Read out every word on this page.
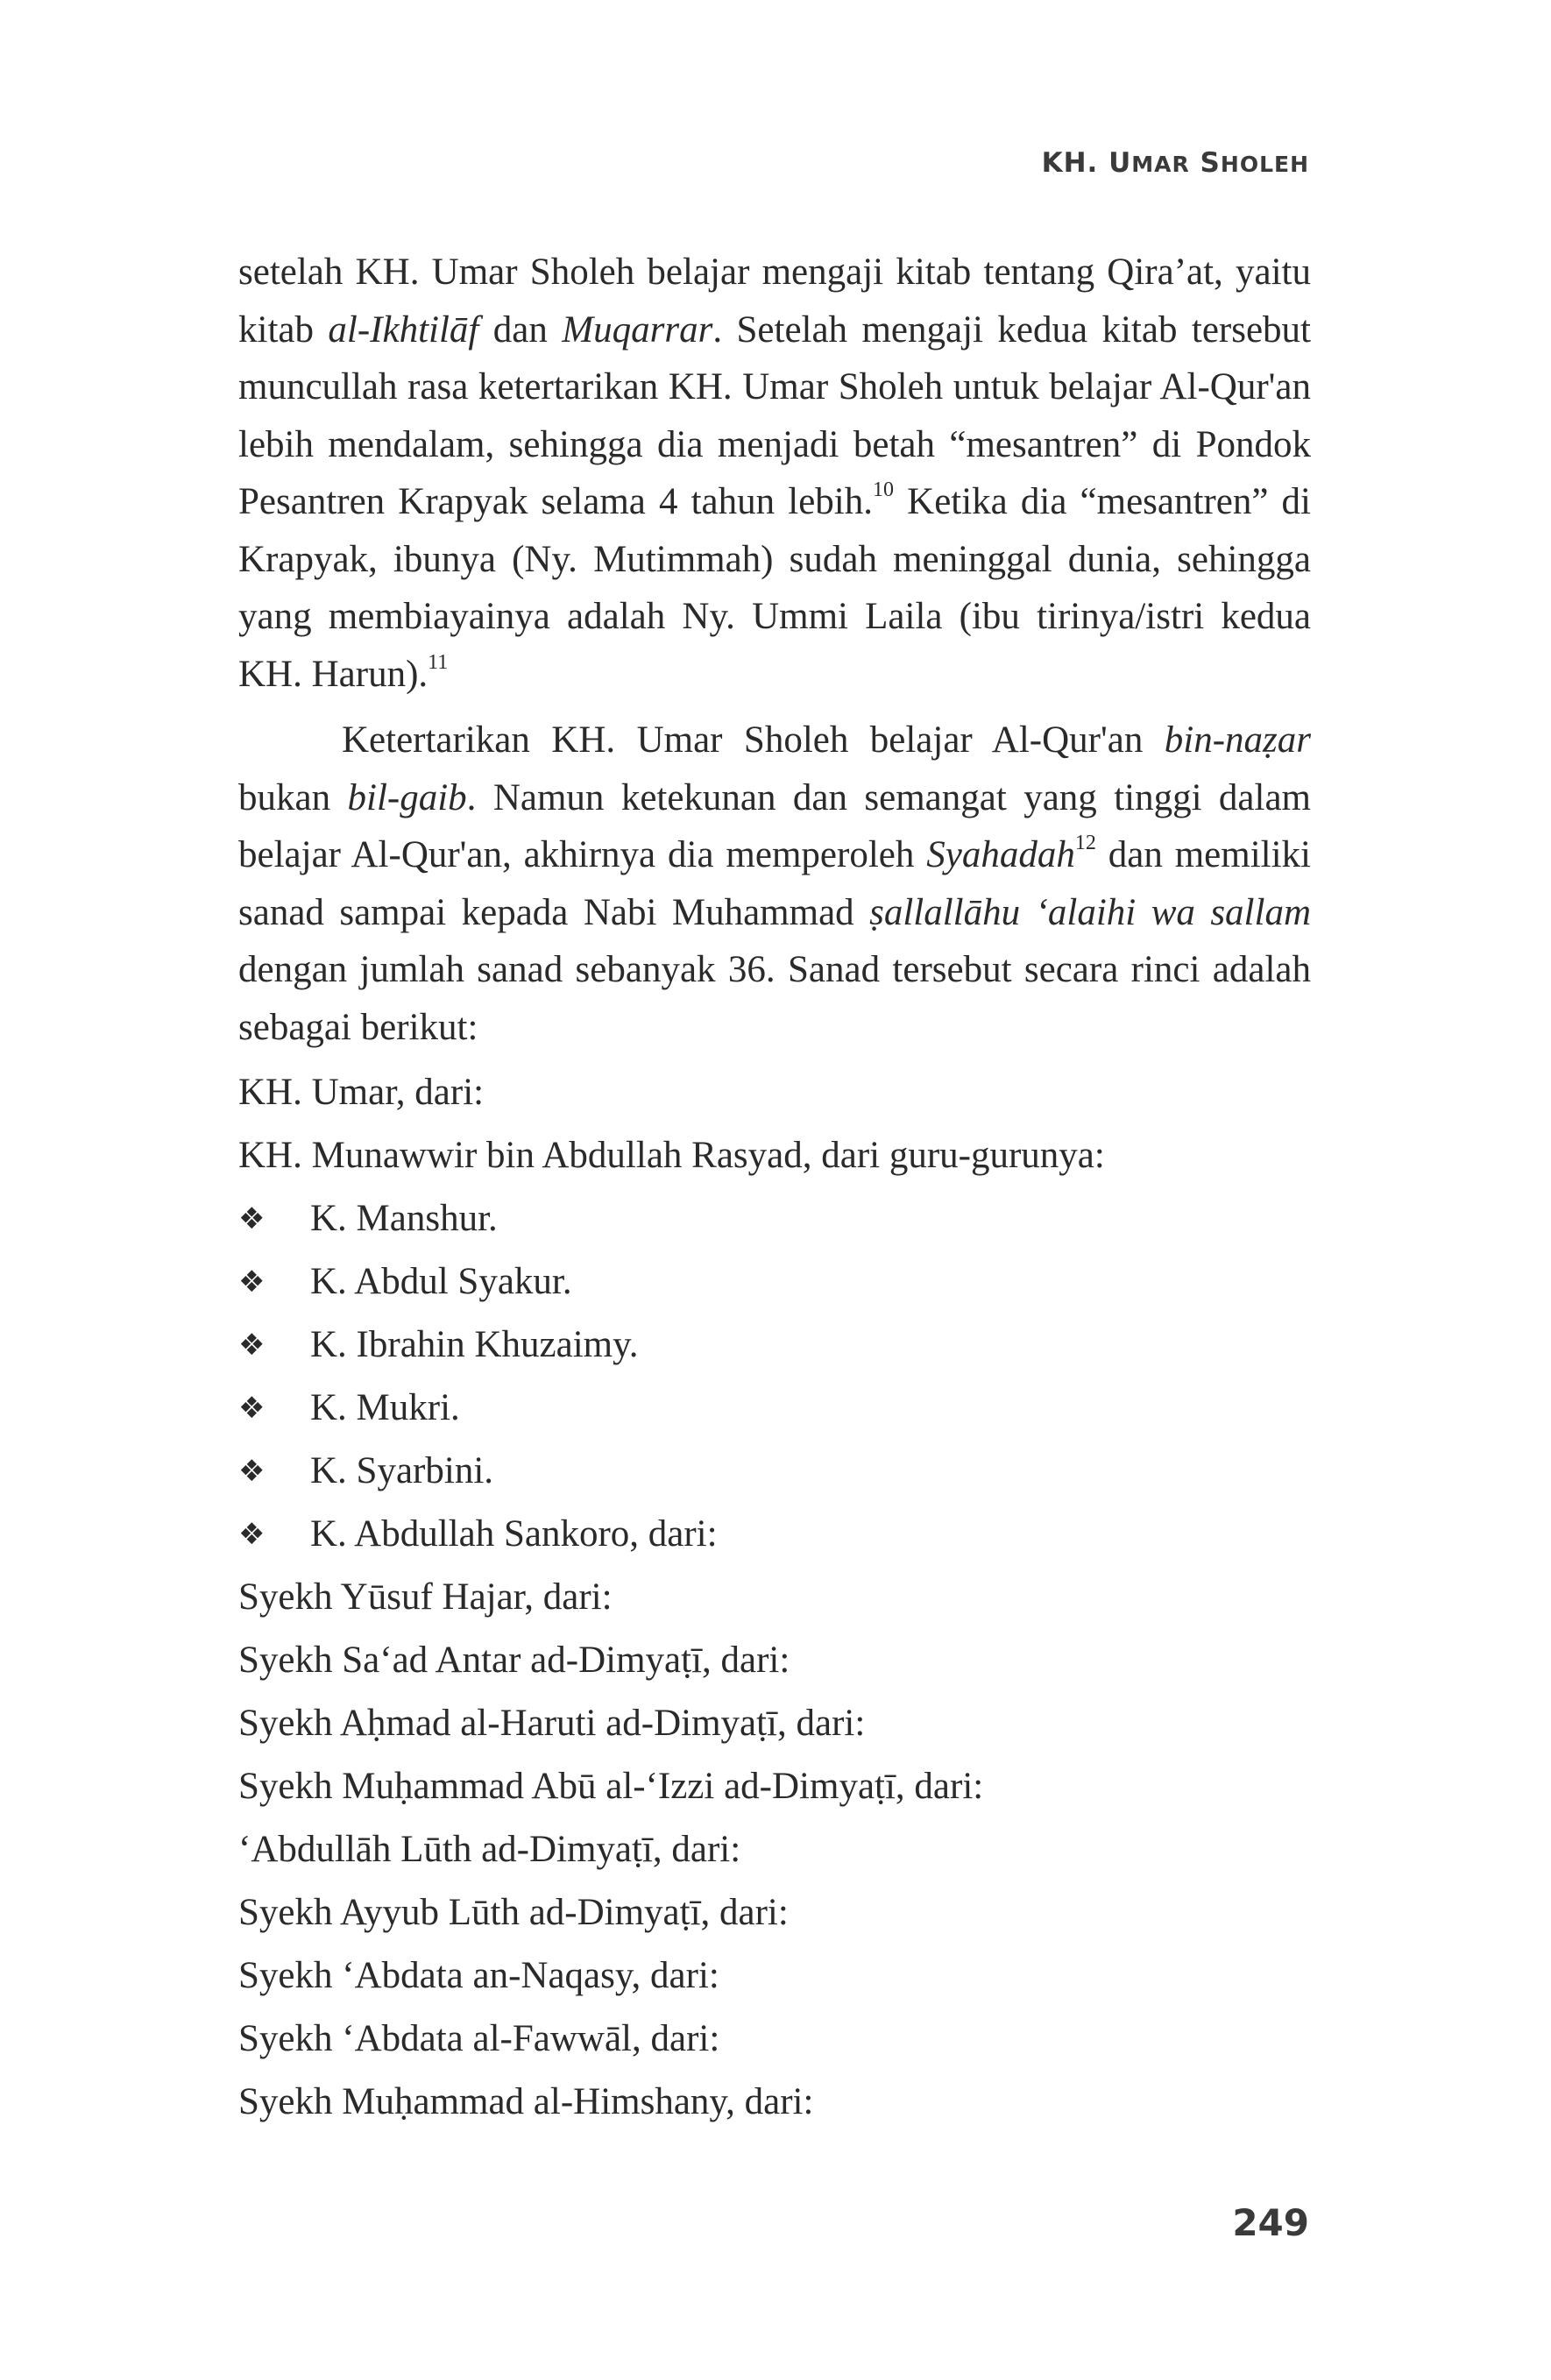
KH. UMAR SHOLEH

setelah KH. Umar Sholeh belajar mengaji kitab tentang Qira’at, yaitu kitab al-Ikhtilāf dan Muqarrar. Setelah mengaji kedua kitab tersebut muncullah rasa ketertarikan KH. Umar Sholeh untuk belajar Al-Qur'an lebih mendalam, sehingga dia menjadi betah “mesantren” di Pondok Pesantren Krapyak selama 4 tahun lebih.$^{10}$ Ketika dia “mesantren” di Krapyak, ibunya (Ny. Mutimmah) sudah meninggal dunia, sehingga yang membiayainya adalah Ny. Ummi Laila (ibu tirinya/istri kedua KH. Harun).$^{11}$

Ketertarikan KH. Umar Sholeh belajar Al-Qur'an bin-naẓar bukan bil-gaib. Namun ketekunan dan semangat yang tinggi dalam belajar Al-Qur'an, akhirnya dia memperoleh Syahadah$^{12}$ dan memiliki sanad sampai kepada Nabi Muhammad ṣallallāhu ‘alaihi wa sallam dengan jumlah sanad sebanyak 36. Sanad tersebut secara rinci adalah sebagai berikut:

KH. Umar, dari:

KH. Munawwir bin Abdullah Rasyad, dari guru-gurunya:

❖	K. Manshur.
❖	K. Abdul Syakur.
❖	K. Ibrahin Khuzaimy.
❖	K. Mukri.
❖	K. Syarbini.
❖	K. Abdullah Sankoro, dari:

Syekh Yūsuf Hajar, dari:

Syekh Sa‘ad Antar ad-Dimyaṭī, dari:

Syekh Aḥmad al-Haruti ad-Dimyaṭī, dari:

Syekh Muḥammad Abū al-‘Izzi ad-Dimyaṭī, dari:

‘Abdullāh Lūth ad-Dimyaṭī, dari:

Syekh Ayyub Lūth ad-Dimyaṭī, dari:

Syekh ‘Abdata an-Naqasy, dari:

Syekh ‘Abdata al-Fawwāl, dari:

Syekh Muḥammad al-Himshany, dari:

249
